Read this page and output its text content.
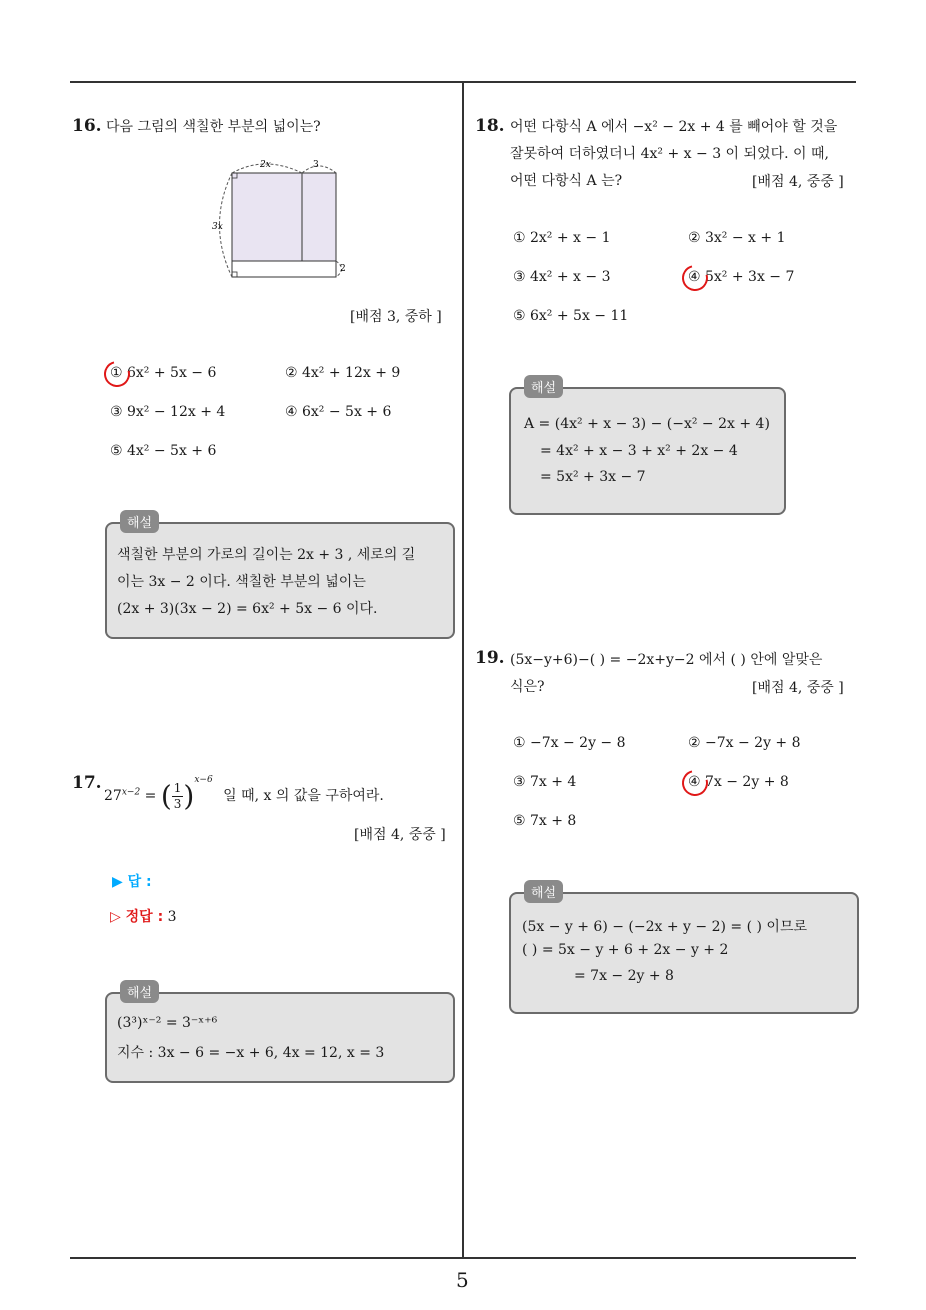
5
16. 다음 그림의 색칠한 부분의 넓이는?
2x	3
3x
2
[배점 3, 중하 ]
① 6x² + 5x − 6	② 4x² + 12x + 9
③ 9x² − 12x + 4	④ 6x² − 5x + 6
⑤ 4x² − 5x + 6
해설
색칠한 부분의 가로의 길이는 2x + 3 , 세로의 길
이는 3x − 2 이다. 색칠한 부분의 넓이는
(2x + 3)(3x − 2) = 6x² + 5x − 6 이다.
17.
$27^{x-2}$ = ( $\frac{1}{3} )^{x-6}$ 일 때, x 의 값을 구하여라.
[배점 4, 중중 ]
▶ 답 :
▷ 정답 : 3
해설
(3³)ˣ⁻² = 3⁻ˣ⁺⁶
지수 : 3x − 6 = −x + 6, 4x = 12, x = 3
18. 어떤 다항식 A 에서 −x² − 2x + 4 를 빼어야 할 것을
잘못하여 더하였더니 4x² + x − 3 이 되었다. 이 때,
어떤 다항식 A 는?	[배점 4, 중중 ]
① 2x² + x − 1	② 3x² − x + 1
③ 4x² + x − 3	④ 5x² + 3x − 7
⑤ 6x² + 5x − 11
해설
A = (4x² + x − 3) − (−x² − 2x + 4)
= 4x² + x − 3 + x² + 2x − 4
= 5x² + 3x − 7
19. (5x−y+6)−( ) = −2x+y−2 에서 ( ) 안에 알맞은
식은?	[배점 4, 중중 ]
① −7x − 2y − 8	② −7x − 2y + 8
③ 7x + 4	④ 7x − 2y + 8
⑤ 7x + 8
해설
(5x − y + 6) − (−2x + y − 2) = ( ) 이므로
( ) = 5x − y + 6 + 2x − y + 2
= 7x − 2y + 8
